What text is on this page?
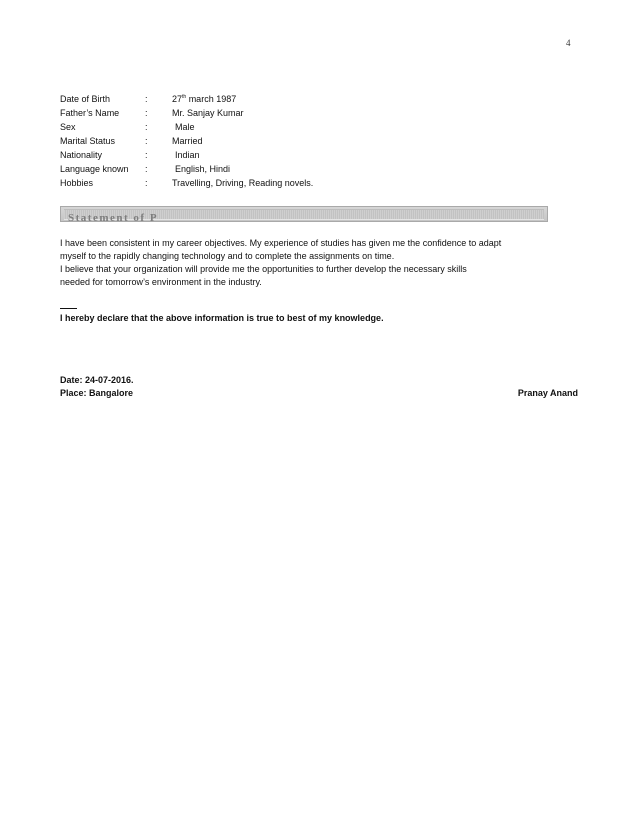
4
Date of Birth	:	27th march 1987
Father’s Name	:	Mr. Sanjay Kumar
Sex	:	Male
Marital Status	:	Married
Nationality	:	Indian
Language known :	English, Hindi
Hobbies	:	Travelling, Driving, Reading novels.
Statement of P

I have been consistent in my career objectives. My experience of studies has given me the confidence to adapt

myself to the rapidly changing technology and to complete the assignments on time.

I believe that your organization will provide me the opportunities to further develop the necessary skills

needed for tomorrow’s environment in the industry.

I hereby declare that the above information is true to best of my knowledge.
Date: 24-07-2016.
Place: Bangalore	Pranay Anand
